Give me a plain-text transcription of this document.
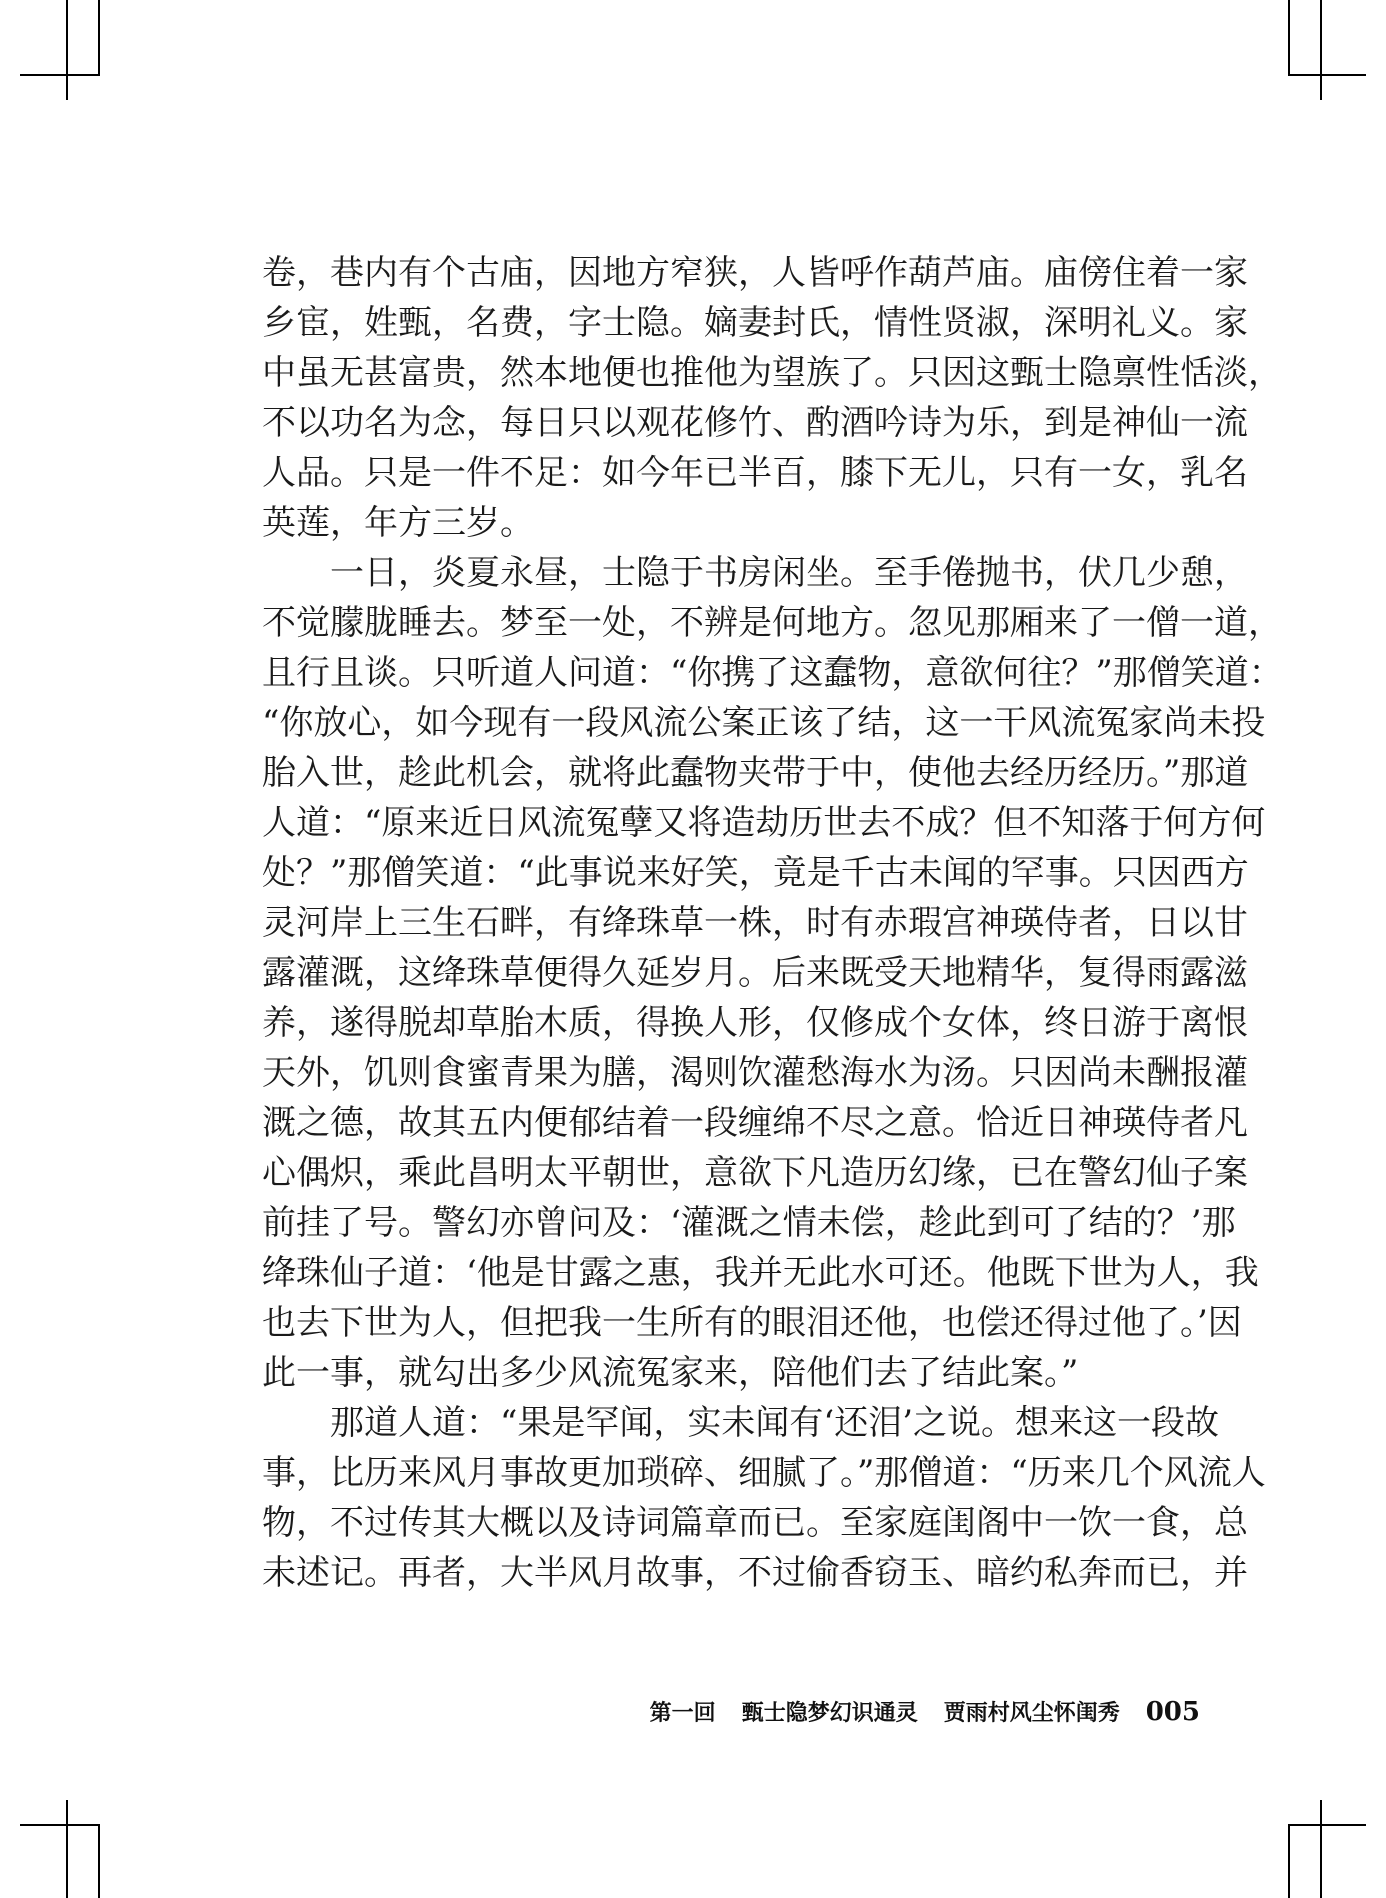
卷，巷内有个古庙，因地方窄狭，人皆呼作葫芦庙。庙傍住着一家
乡宦，姓甄，名费，字士隐。嫡妻封氏，情性贤淑，深明礼义。家
中虽无甚富贵，然本地便也推他为望族了。只因这甄士隐禀性恬淡，
不以功名为念，每日只以观花修竹、酌酒吟诗为乐，到是神仙一流
人品。只是一件不足：如今年已半百，膝下无儿，只有一女，乳名
英莲，年方三岁。
　　一日，炎夏永昼，士隐于书房闲坐。至手倦抛书，伏几少憩，
不觉朦胧睡去。梦至一处，不辨是何地方。忽见那厢来了一僧一道，
且行且谈。只听道人问道：“你携了这蠢物，意欲何往？”那僧笑道：
“你放心，如今现有一段风流公案正该了结，这一干风流冤家尚未投
胎入世，趁此机会，就将此蠢物夹带于中，使他去经历经历。”那道
人道：“原来近日风流冤孽又将造劫历世去不成？但不知落于何方何
处？”那僧笑道：“此事说来好笑，竟是千古未闻的罕事。只因西方
灵河岸上三生石畔，有绛珠草一株，时有赤瑕宫神瑛侍者，日以甘
露灌溉，这绛珠草便得久延岁月。后来既受天地精华，复得雨露滋
养，遂得脱却草胎木质，得换人形，仅修成个女体，终日游于离恨
天外，饥则食蜜青果为膳，渴则饮灌愁海水为汤。只因尚未酬报灌
溉之德，故其五内便郁结着一段缠绵不尽之意。恰近日神瑛侍者凡
心偶炽，乘此昌明太平朝世，意欲下凡造历幻缘，已在警幻仙子案
前挂了号。警幻亦曾问及：‘灌溉之情未偿，趁此到可了结的？’那
绛珠仙子道：‘他是甘露之惠，我并无此水可还。他既下世为人，我
也去下世为人，但把我一生所有的眼泪还他，也偿还得过他了。’因
此一事，就勾出多少风流冤家来，陪他们去了结此案。”
　　那道人道：“果是罕闻，实未闻有‘还泪’之说。想来这一段故
事，比历来风月事故更加琐碎、细腻了。”那僧道：“历来几个风流人
物，不过传其大概以及诗词篇章而已。至家庭闺阁中一饮一食，总
未述记。再者，大半风月故事，不过偷香窃玉、暗约私奔而已，并
第一回 甄士隐梦幻识通灵 贾雨村风尘怀闺秀 005
